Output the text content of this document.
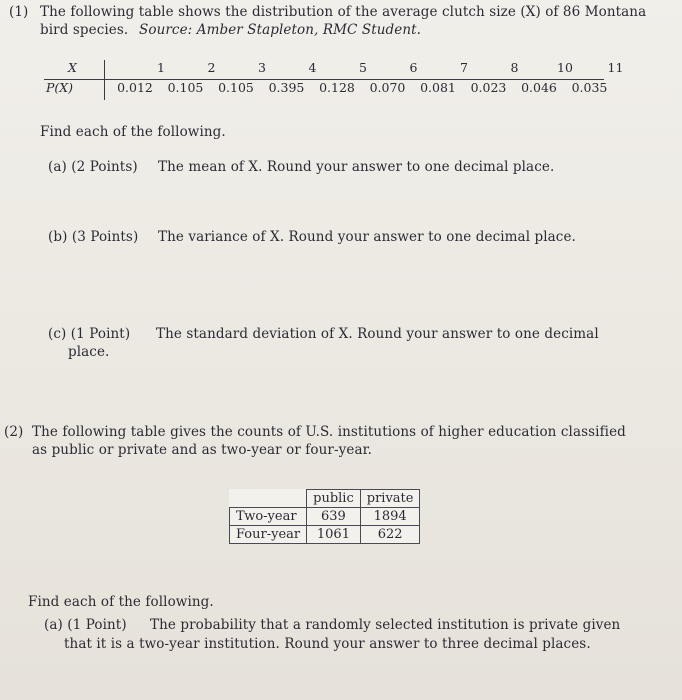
(1) The following table shows the distribution of the average clutch size (X) of 86 Montana
bird species. Source: Amber Stapleton, RMC Student.
X	1	2	3	4	5	6	7	8	10	11
P(X)	0.012	0.105	0.105	0.395	0.128	0.070	0.081	0.023	0.046	0.035
Find each of the following.
(a) (2 Points) The mean of X. Round your answer to one decimal place.
(b) (3 Points) The variance of X. Round your answer to one decimal place.
(c) (1 Point) The standard deviation of X. Round your answer to one decimal
place.
(2) The following table gives the counts of U.S. institutions of higher education classified
as public or private and as two-year or four-year.
	public	private
Two-year	639	1894
Four-year	1061	622
Find each of the following.
(a) (1 Point) The probability that a randomly selected institution is private given
that it is a two-year institution. Round your answer to three decimal places.
